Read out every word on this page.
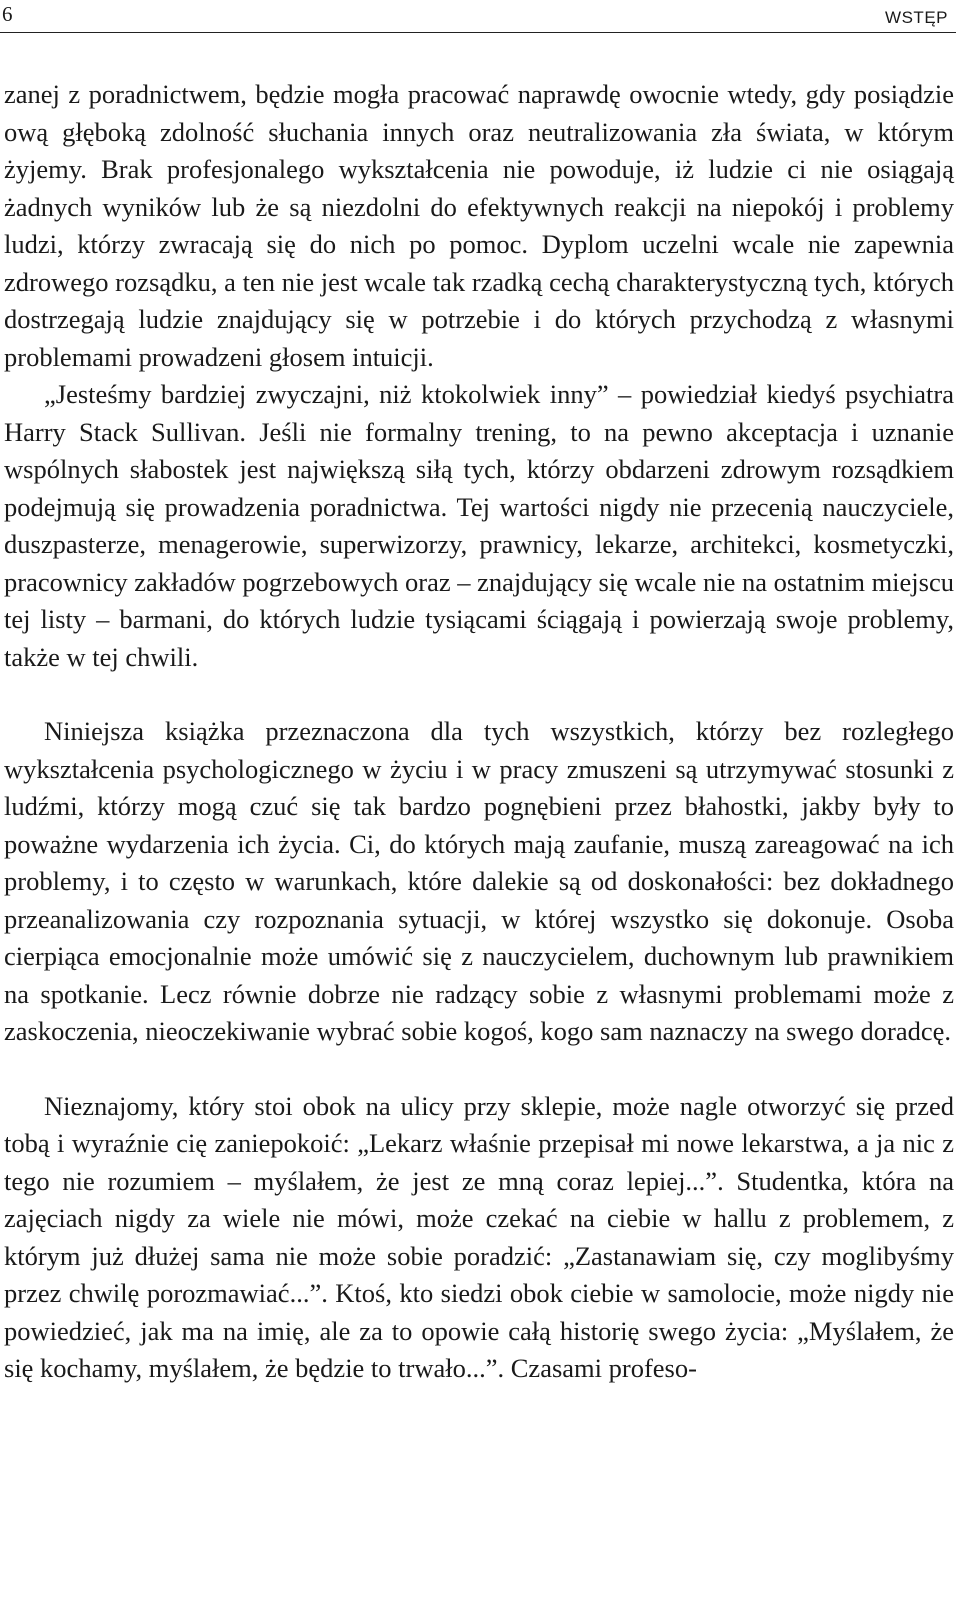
6	WSTĘP

zanej z poradnictwem, będzie mogła pracować naprawdę owocnie wtedy, gdy posiądzie ową głęboką zdolność słuchania innych oraz neutralizowania zła świata, w którym żyjemy. Brak profesjonalego wykształcenia nie powoduje, iż ludzie ci nie osiągają żadnych wyników lub że są niezdolni do efektywnych reakcji na niepokój i problemy ludzi, którzy zwracają się do nich po pomoc. Dyplom uczelni wcale nie zapewnia zdrowego rozsądku, a ten nie jest wcale tak rzadką cechą charakterystyczną tych, których dostrzegają ludzie znajdujący się w potrzebie i do których przychodzą z własnymi problemami prowadzeni głosem intuicji.

„Jesteśmy bardziej zwyczajni, niż ktokolwiek inny” – powiedział kiedyś psychiatra Harry Stack Sullivan. Jeśli nie formalny trening, to na pewno akceptacja i uznanie wspólnych słabostek jest największą siłą tych, którzy obdarzeni zdrowym rozsądkiem podejmują się prowadzenia poradnictwa. Tej wartości nigdy nie przecenią nauczyciele, duszpasterze, menagerowie, superwizorzy, prawnicy, lekarze, architekci, kosmetyczki, pracownicy zakładów pogrzebowych oraz – znajdujący się wcale nie na ostatnim miejscu tej listy – barmani, do których ludzie tysiącami ściągają i powierzają swoje problemy, także w tej chwili.

Niniejsza książka przeznaczona dla tych wszystkich, którzy bez rozległego wykształcenia psychologicznego w życiu i w pracy zmuszeni są utrzymywać stosunki z ludźmi, którzy mogą czuć się tak bardzo pognębieni przez błahostki, jakby były to poważne wydarzenia ich życia. Ci, do których mają zaufanie, muszą zareagować na ich problemy, i to często w warunkach, które dalekie są od doskonałości: bez dokładnego przeanalizowania czy rozpoznania sytuacji, w której wszystko się dokonuje. Osoba cierpiąca emocjonalnie może umówić się z nauczycielem, duchownym lub prawnikiem na spotkanie. Lecz równie dobrze nie radzący sobie z własnymi problemami może z zaskoczenia, nieoczekiwanie wybrać sobie kogoś, kogo sam naznaczy na swego doradcę.

Nieznajomy, który stoi obok na ulicy przy sklepie, może nagle otworzyć się przed tobą i wyraźnie cię zaniepokoić: „Lekarz właśnie przepisał mi nowe lekarstwa, a ja nic z tego nie rozumiem – myślałem, że jest ze mną coraz lepiej...”. Studentka, która na zajęciach nigdy za wiele nie mówi, może czekać na ciebie w hallu z problemem, z którym już dłużej sama nie może sobie poradzić: „Zastanawiam się, czy moglibyśmy przez chwilę porozmawiać...”. Ktoś, kto siedzi obok ciebie w samolocie, może nigdy nie powiedzieć, jak ma na imię, ale za to opowie całą historię swego życia: „Myślałem, że się kochamy, myślałem, że będzie to trwało...”. Czasami profeso-
